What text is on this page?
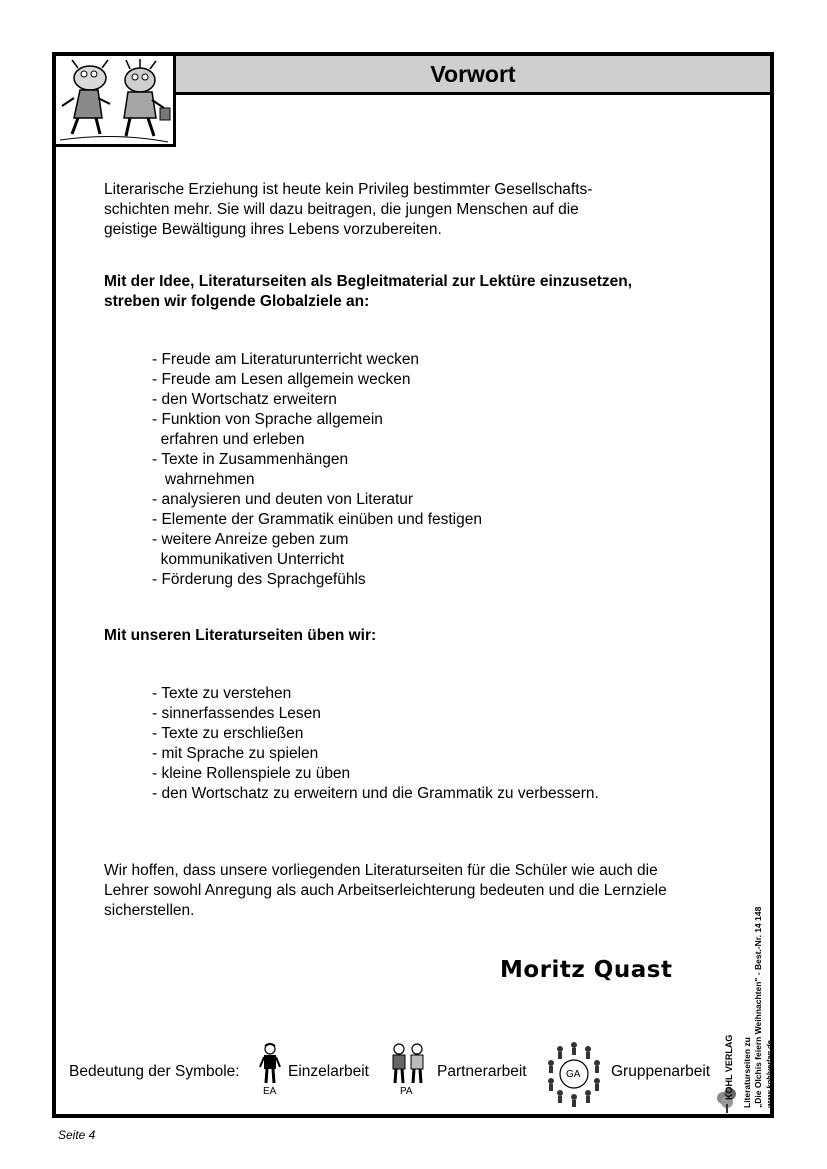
Vorwort
Literarische Erziehung ist heute kein Privileg bestimmter Gesellschafts-
schichten mehr. Sie will dazu beitragen, die jungen Menschen auf die
geistige Bewältigung ihres Lebens vorzubereiten.
Mit der Idee, Literaturseiten als Begleitmaterial zur Lektüre einzusetzen,
streben wir folgende Globalziele an:
- Freude am Literaturunterricht wecken
- Freude am Lesen allgemein wecken
- den Wortschatz erweitern
- Funktion von Sprache allgemein
erfahren und erleben
- Texte in Zusammenhängen
wahrnehmen
- analysieren und deuten von Literatur
- Elemente der Grammatik einüben und festigen
- weitere Anreize geben zum
kommunikativen Unterricht
- Förderung des Sprachgefühls
Mit unseren Literaturseiten üben wir:
- Texte zu verstehen
- sinnerfassendes Lesen
- Texte zu erschließen
- mit Sprache zu spielen
- kleine Rollenspiele zu üben
- den Wortschatz zu erweitern und die Grammatik zu verbessern.
Wir hoffen, dass unsere vorliegenden Literaturseiten für die Schüler wie auch die
Lehrer sowohl Anregung als auch Arbeitserleichterung bedeuten und die Lernziele
sicherstellen.
Moritz Quast
Bedeutung der Symbole:
EA
Einzelarbeit
PA
Partnerarbeit	GA Gruppenarbeit	Literaturseiten zu „Die Olchis feiern Weihnachten" - Best.-Nr. 14 148
KOHL VERLAG	www.kohlverlag.de
Seite 4
